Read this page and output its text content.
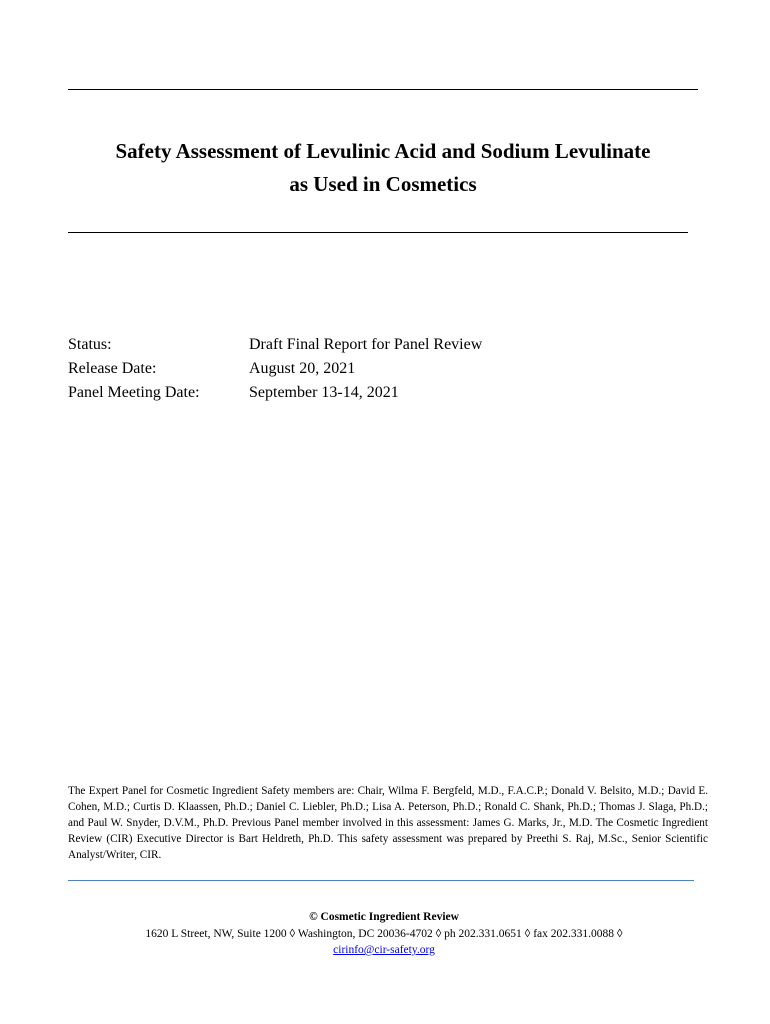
Safety Assessment of Levulinic Acid and Sodium Levulinate
as Used in Cosmetics
Status:	Draft Final Report for Panel Review
Release Date:	August 20, 2021
Panel Meeting Date:	September 13-14, 2021
The Expert Panel for Cosmetic Ingredient Safety members are: Chair, Wilma F. Bergfeld, M.D., F.A.C.P.; Donald V. Belsito, M.D.; David E. Cohen, M.D.; Curtis D. Klaassen, Ph.D.; Daniel C. Liebler, Ph.D.; Lisa A. Peterson, Ph.D.; Ronald C. Shank, Ph.D.; Thomas J. Slaga, Ph.D.; and Paul W. Snyder, D.V.M., Ph.D. Previous Panel member involved in this assessment: James G. Marks, Jr., M.D. The Cosmetic Ingredient Review (CIR) Executive Director is Bart Heldreth, Ph.D. This safety assessment was prepared by Preethi S. Raj, M.Sc., Senior Scientific Analyst/Writer, CIR.
© Cosmetic Ingredient Review
1620 L Street, NW, Suite 1200 ◊ Washington, DC 20036-4702 ◊ ph 202.331.0651 ◊ fax 202.331.0088 ◊
cirinfo@cir-safety.org
